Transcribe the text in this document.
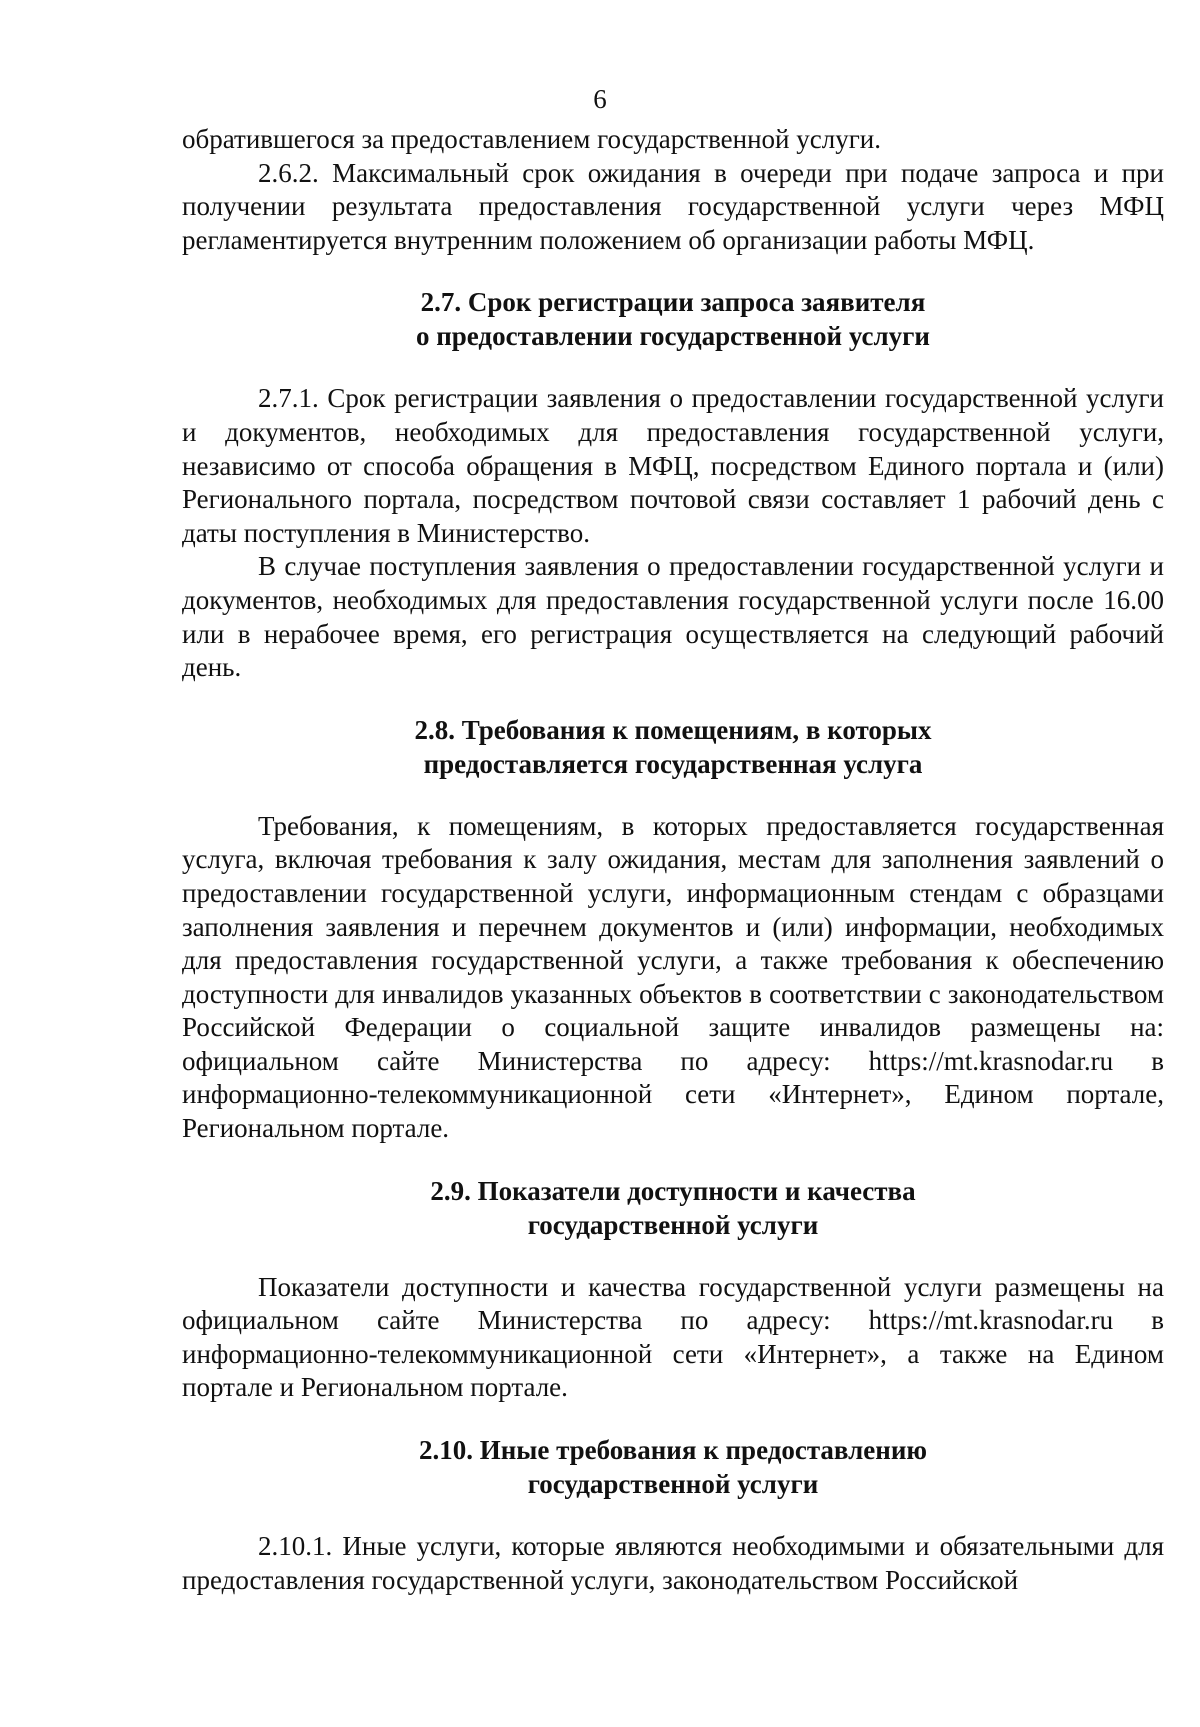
6

обратившегося за предоставлением государственной услуги.

2.6.2. Максимальный срок ожидания в очереди при подаче запроса и при получении результата предоставления государственной услуги через МФЦ регламентируется внутренним положением об организации работы МФЦ.

2.7. Срок регистрации запроса заявителя
о предоставлении государственной услуги

2.7.1. Срок регистрации заявления о предоставлении государственной услуги и документов, необходимых для предоставления государственной услуги, независимо от способа обращения в МФЦ, посредством Единого портала и (или) Регионального портала, посредством почтовой связи составляет 1 рабочий день с даты поступления в Министерство.

В случае поступления заявления о предоставлении государственной услуги и документов, необходимых для предоставления государственной услуги после 16.00 или в нерабочее время, его регистрация осуществляется на следующий рабочий день.

2.8. Требования к помещениям, в которых
предоставляется государственная услуга

Требования, к помещениям, в которых предоставляется государственная услуга, включая требования к залу ожидания, местам для заполнения заявлений о предоставлении государственной услуги, информационным стендам с образцами заполнения заявления и перечнем документов и (или) информации, необходимых для предоставления государственной услуги, а также требования к обеспечению доступности для инвалидов указанных объектов в соответствии с законодательством Российской Федерации о социальной защите инвалидов размещены на: официальном сайте Министерства по адресу: https://mt.krasnodar.ru в информационно-телекоммуникационной сети «Интернет», Едином портале, Региональном портале.

2.9. Показатели доступности и качества
государственной услуги

Показатели доступности и качества государственной услуги размещены на официальном сайте Министерства по адресу: https://mt.krasnodar.ru в информационно-телекоммуникационной сети «Интернет», а также на Едином портале и Региональном портале.

2.10. Иные требования к предоставлению
государственной услуги

2.10.1. Иные услуги, которые являются необходимыми и обязательными для предоставления государственной услуги, законодательством Российской
